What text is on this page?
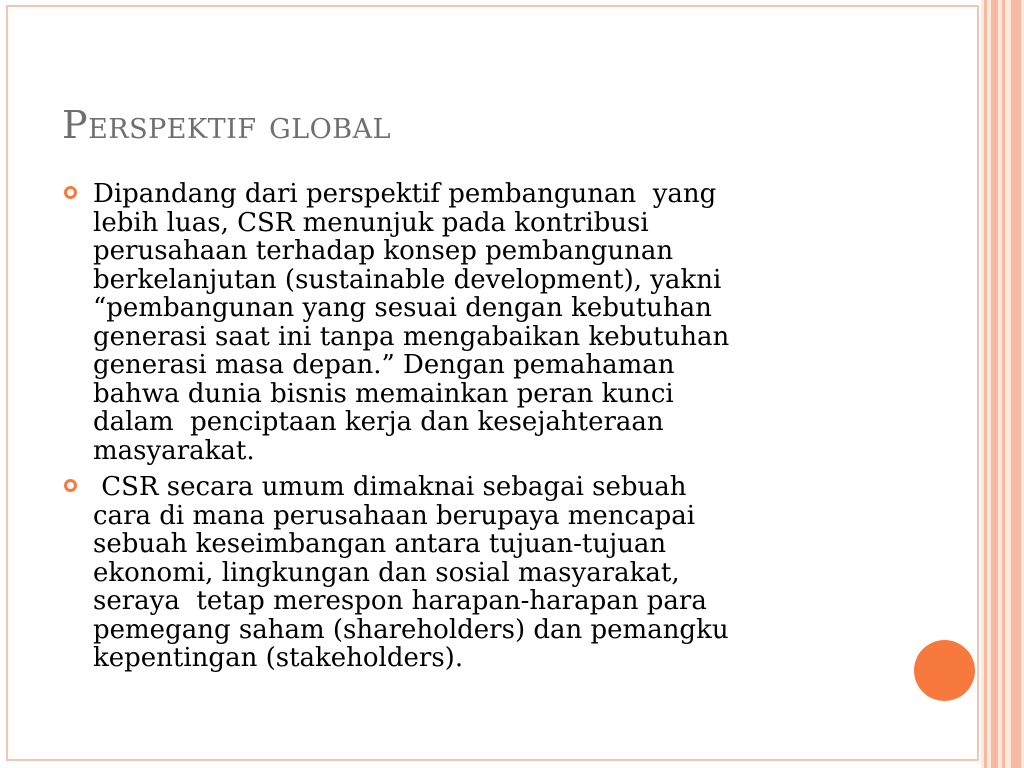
Perspektif global
Dipandang dari perspektif pembangunan  yang
lebih luas, CSR menunjuk pada kontribusi
perusahaan terhadap konsep pembangunan
berkelanjutan (sustainable development), yakni
“pembangunan yang sesuai dengan kebutuhan
generasi saat ini tanpa mengabaikan kebutuhan
generasi masa depan.” Dengan pemahaman
bahwa dunia bisnis memainkan peran kunci
dalam  penciptaan kerja dan kesejahteraan
masyarakat.
CSR secara umum dimaknai sebagai sebuah
cara di mana perusahaan berupaya mencapai
sebuah keseimbangan antara tujuan-tujuan
ekonomi, lingkungan dan sosial masyarakat,
seraya  tetap merespon harapan-harapan para
pemegang saham (shareholders) dan pemangku
kepentingan (stakeholders).
